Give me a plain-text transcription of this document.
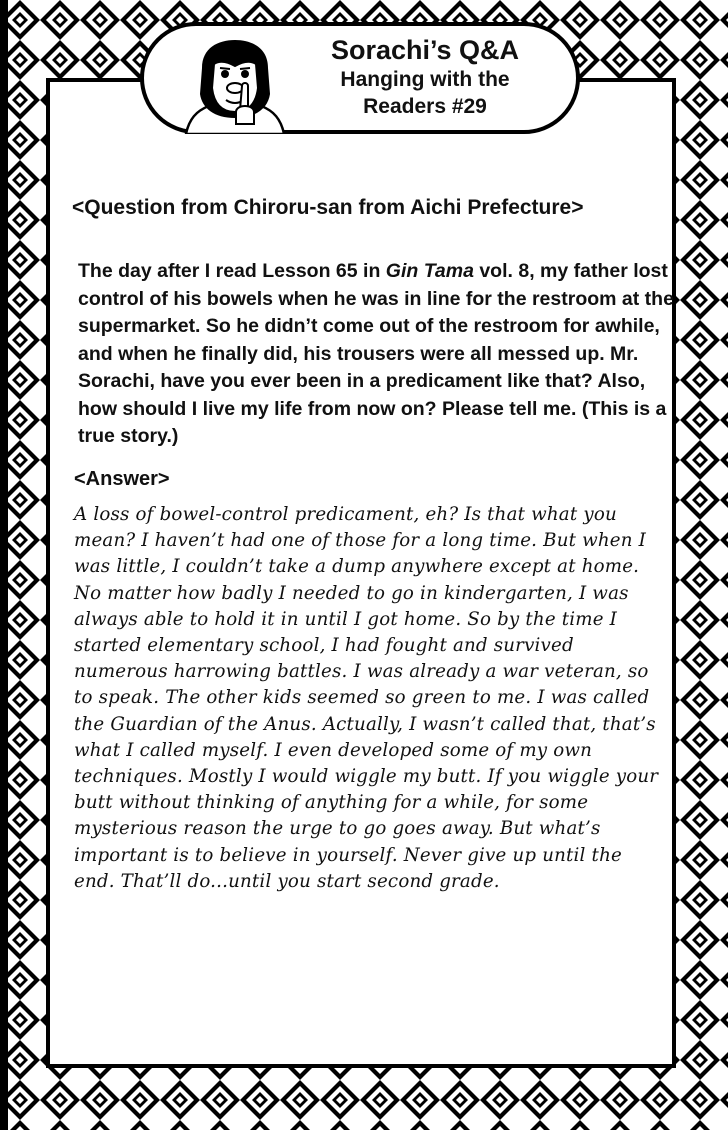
Sorachi’s Q&A
Hanging with the
Readers #29
<Question from Chiroru-san from Aichi Prefecture>
The day after I read Lesson 65 in Gin Tama vol. 8, my father lost control of his bowels when he was in line for the restroom at the supermarket. So he didn’t come out of the restroom for awhile, and when he finally did, his trousers were all messed up. Mr. Sorachi, have you ever been in a predicament like that? Also, how should I live my life from now on? Please tell me. (This is a true story.)
<Answer>
A loss of bowel-control predicament, eh? Is that what you mean? I haven’t had one of those for a long time. But when I was little, I couldn’t take a dump anywhere except at home. No matter how badly I needed to go in kindergarten, I was always able to hold it in until I got home. So by the time I started elementary school, I had fought and survived numerous harrowing battles. I was already a war veteran, so to speak. The other kids seemed so green to me. I was called the Guardian of the Anus. Actually, I wasn’t called that, that’s what I called myself. I even developed some of my own techniques. Mostly I would wiggle my butt. If you wiggle your butt without thinking of anything for a while, for some mysterious reason the urge to go goes away. But what’s important is to believe in yourself. Never give up until the end. That’ll do...until you start second grade.
